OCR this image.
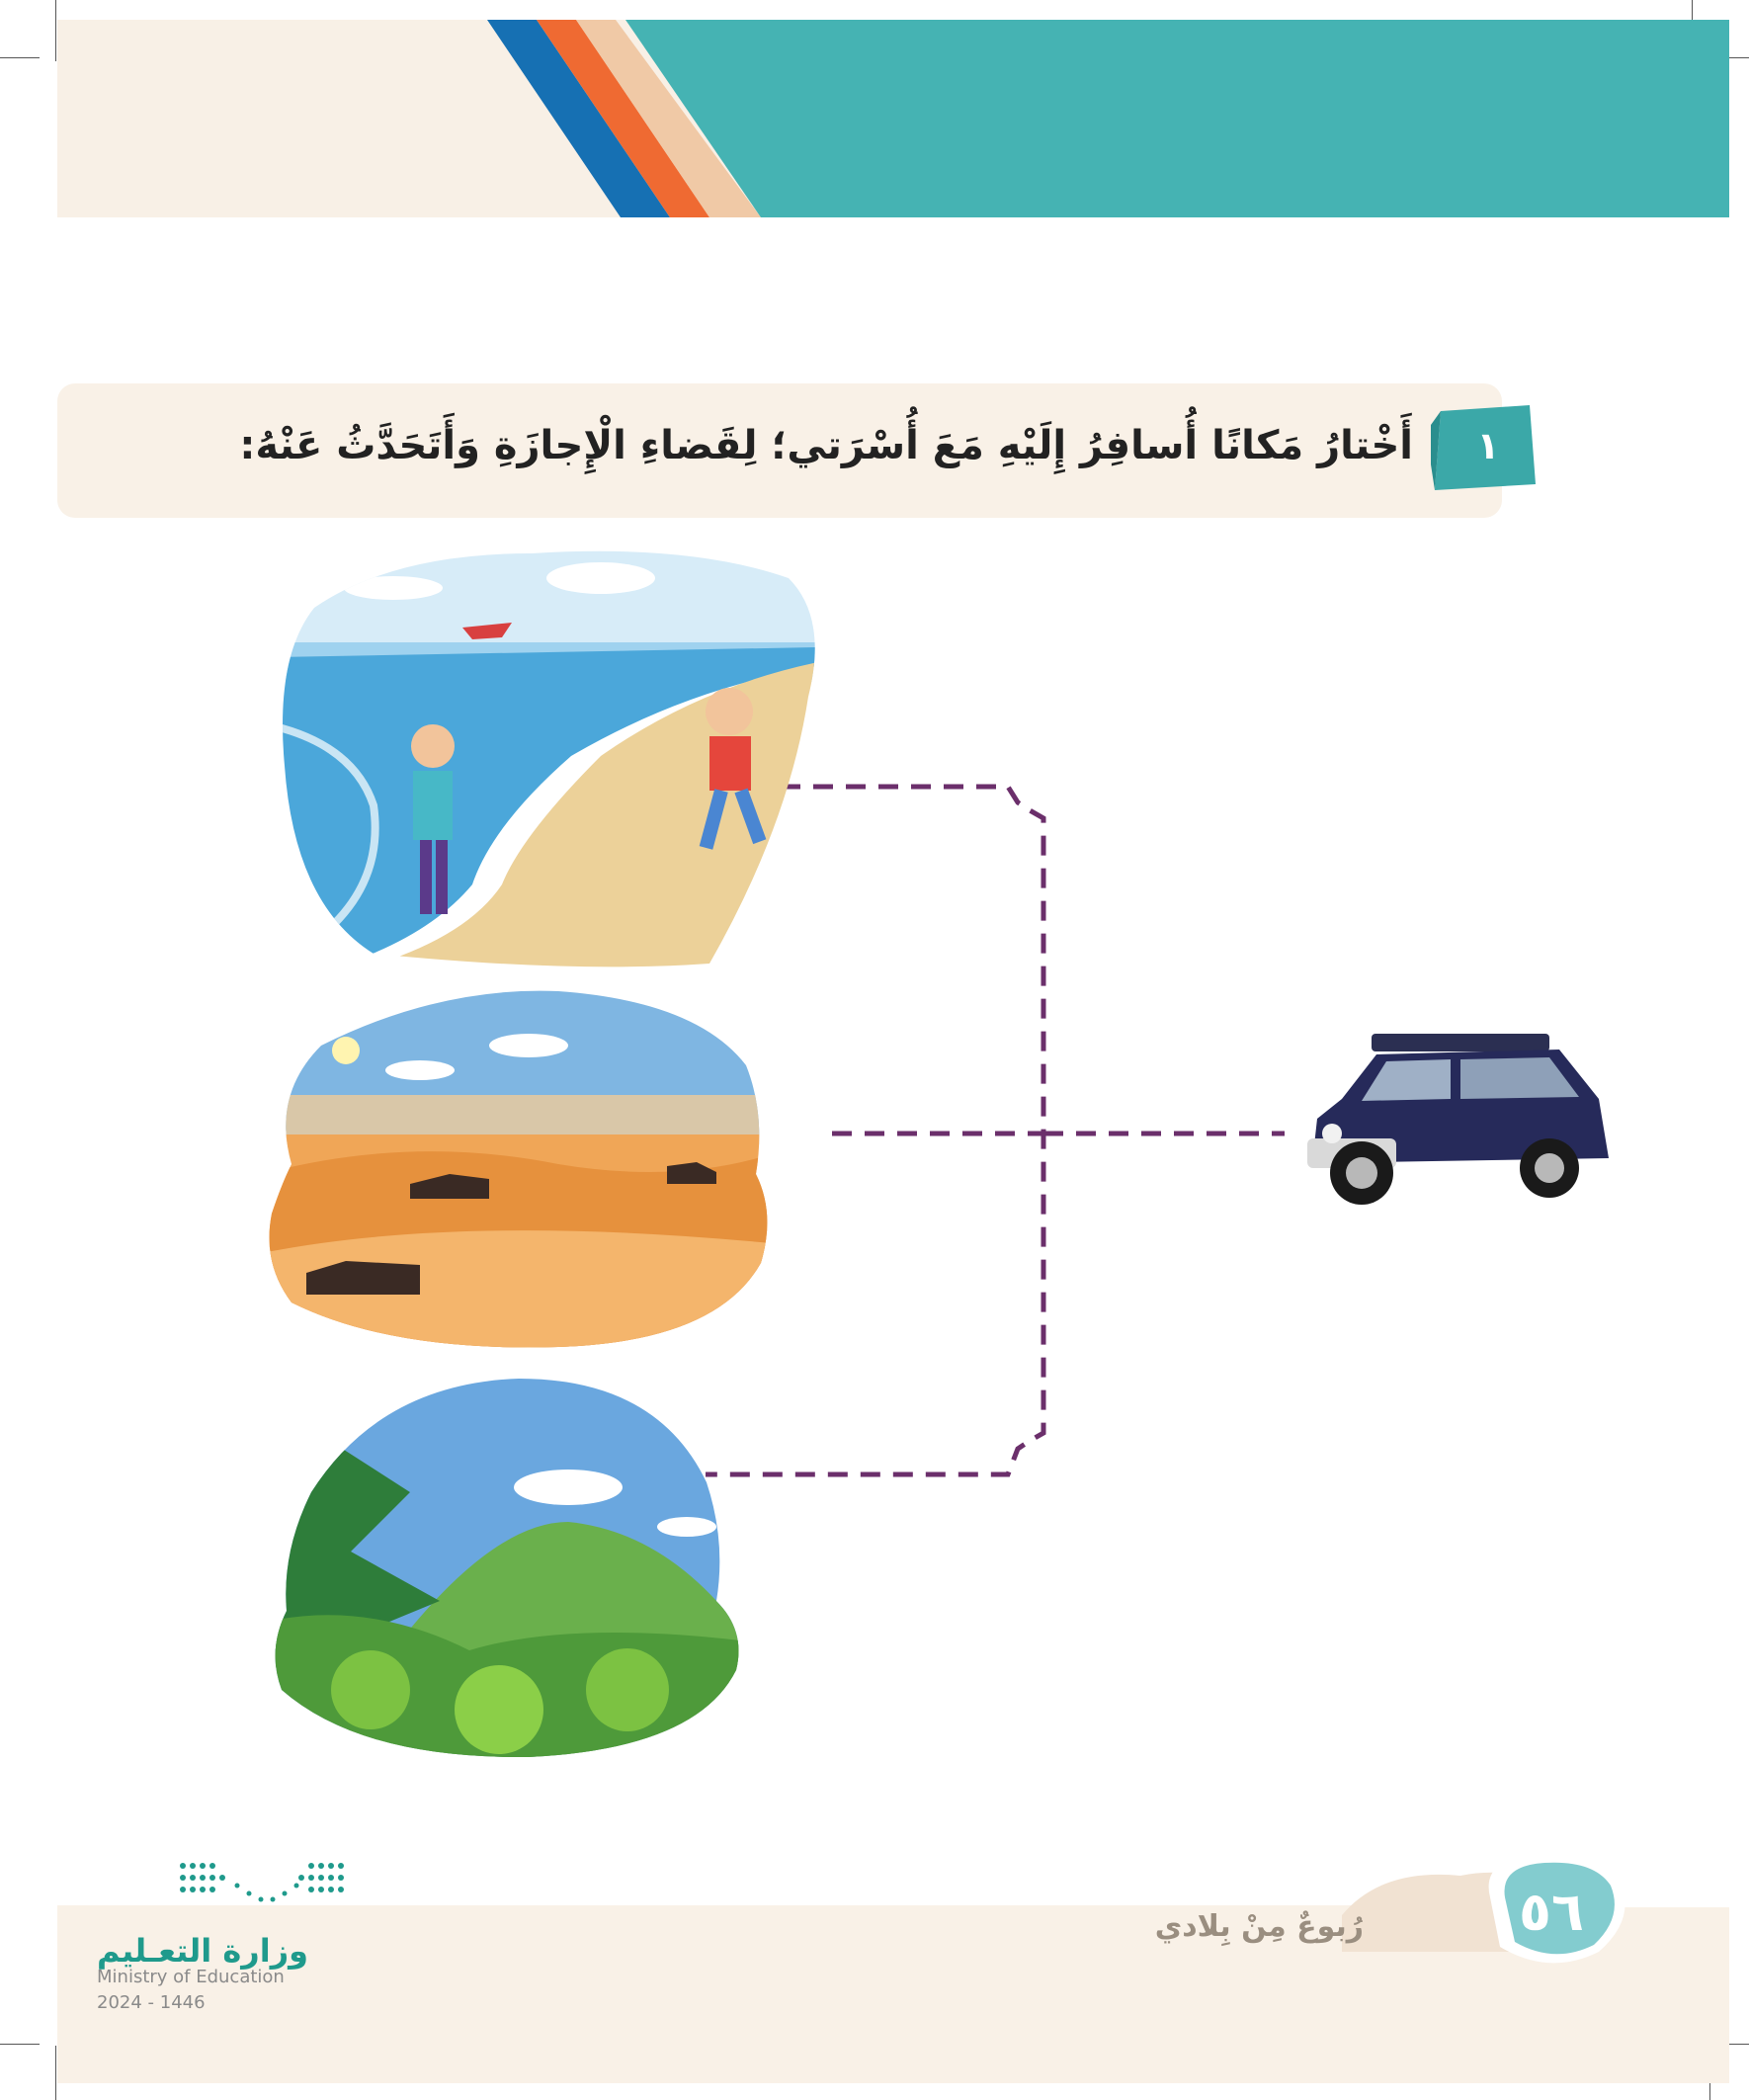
١
أَخْتارُ مَكانًا أُسافِرُ إِلَيْهِ مَعَ أُسْرَتي؛ لِقَضاءِ الْإِجازَةِ وَأَتَحَدَّثُ عَنْهُ:
٥٦
رُبوعٌ مِنْ بِلادي
وزارة التعـليم
Ministry of Education
2024 - 1446
